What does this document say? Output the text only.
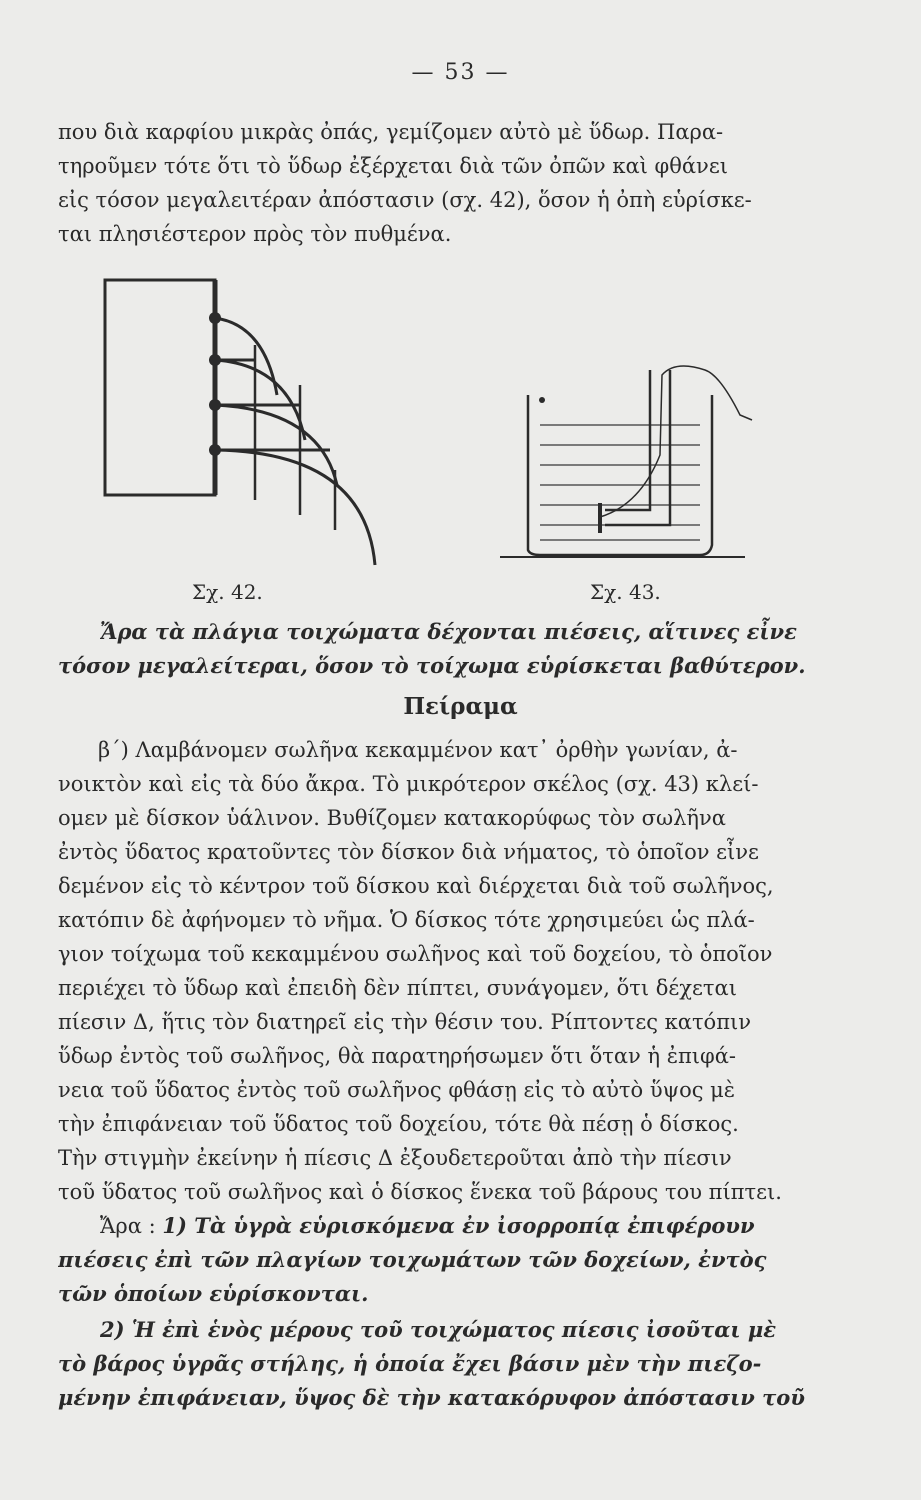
— 53 —
που διὰ καρφίου μικρὰς ὀπάς, γεμίζομεν αὐτὸ μὲ ὕδωρ. Παρα-
τηροῦμεν τότε ὅτι τὸ ὕδωρ ἐξέρχεται διὰ τῶν ὀπῶν καὶ φθάνει
εἰς τόσον μεγαλειτέραν ἀπόστασιν (σχ. 42), ὅσον ἡ ὀπὴ εὑρίσκε-
ται πλησιέστερον πρὸς τὸν πυθμένα.
Σχ. 42.	Σχ. 43.
Ἄρα τὰ πλάγια τοιχώματα δέχονται πιέσεις, αἵτινες εἶνε
τόσον μεγαλείτεραι, ὅσον τὸ τοίχωμα εὑρίσκεται βαθύτερον.
Πείραμα
β΄) Λαμβάνομεν σωλῆνα κεκαμμένον κατ᾿ ὀρθὴν γωνίαν, ἀ-
νοικτὸν καὶ εἰς τὰ δύο ἄκρα. Τὸ μικρότερον σκέλος (σχ. 43) κλεί-
ομεν μὲ δίσκον ὑάλινον. Βυθίζομεν κατακορύφως τὸν σωλῆνα
ἐντὸς ὕδατος κρατοῦντες τὸν δίσκον διὰ νήματος, τὸ ὁποῖον εἶνε
δεμένον εἰς τὸ κέντρον τοῦ δίσκου καὶ διέρχεται διὰ τοῦ σωλῆνος,
κατόπιν δὲ ἀφήνομεν τὸ νῆμα. Ὁ δίσκος τότε χρησιμεύει ὡς πλά-
γιον τοίχωμα τοῦ κεκαμμένου σωλῆνος καὶ τοῦ δοχείου, τὸ ὁποῖον
περιέχει τὸ ὕδωρ καὶ ἐπειδὴ δὲν πίπτει, συνάγομεν, ὅτι δέχεται
πίεσιν Δ, ἥτις τὸν διατηρεῖ εἰς τὴν θέσιν του. Ρίπτοντες κατόπιν
ὕδωρ ἐντὸς τοῦ σωλῆνος, θὰ παρατηρήσωμεν ὅτι ὅταν ἡ ἐπιφά-
νεια τοῦ ὕδατος ἐντὸς τοῦ σωλῆνος φθάσῃ εἰς τὸ αὐτὸ ὕψος μὲ
τὴν ἐπιφάνειαν τοῦ ὕδατος τοῦ δοχείου, τότε θὰ πέσῃ ὁ δίσκος.
Τὴν στιγμὴν ἐκείνην ἡ πίεσις Δ ἐξουδετεροῦται ἀπὸ τὴν πίεσιν
τοῦ ὕδατος τοῦ σωλῆνος καὶ ὁ δίσκος ἕνεκα τοῦ βάρους του πίπτει.
Ἄρα : 1) Τὰ ὑγρὰ εὑρισκόμενα ἐν ἰσορροπίᾳ ἐπιφέρουν
πιέσεις ἐπὶ τῶν πλαγίων τοιχωμάτων τῶν δοχείων, ἐντὸς
τῶν ὁποίων εὑρίσκονται.
2) Ἡ ἐπὶ ἑνὸς μέρους τοῦ τοιχώματος πίεσις ἰσοῦται μὲ
τὸ βάρος ὑγρᾶς στήλης, ἡ ὁποία ἔχει βάσιν μὲν τὴν πιεζο-
μένην ἐπιφάνειαν, ὕψος δὲ τὴν κατακόρυφον ἀπόστασιν τοῦ
